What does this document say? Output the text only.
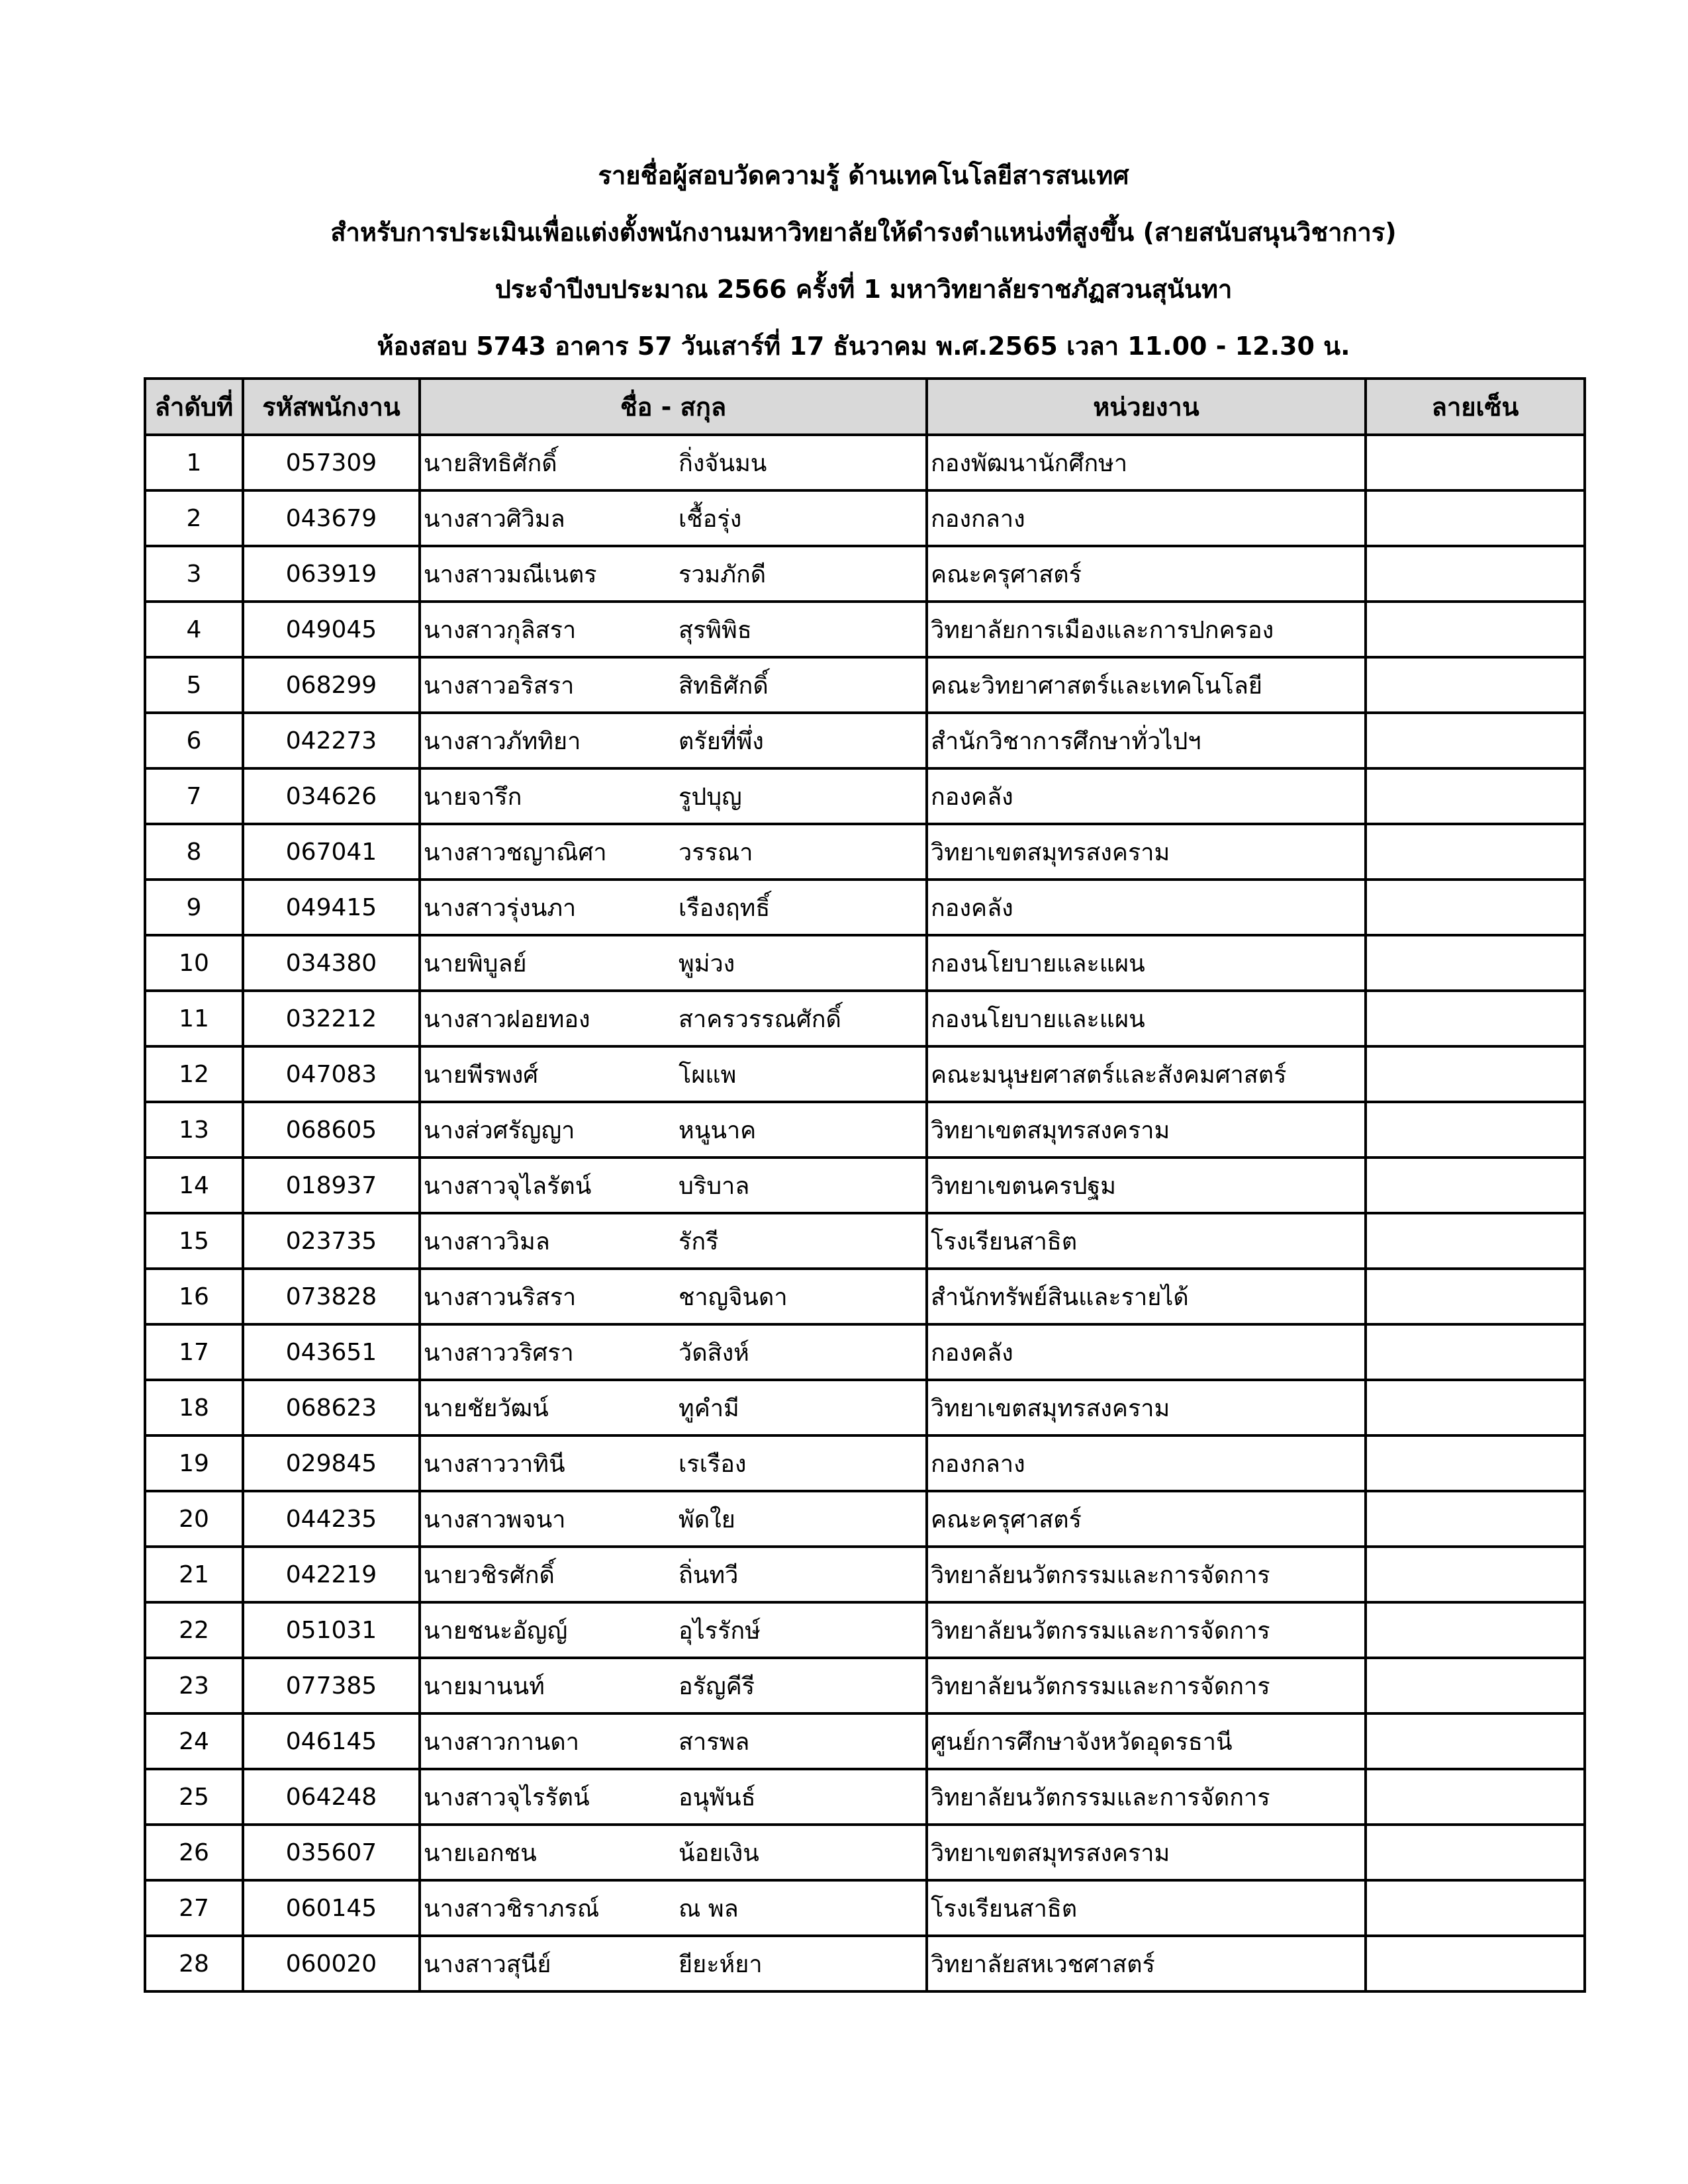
รายชื่อผู้สอบวัดความรู้ ด้านเทคโนโลยีสารสนเทศ
สำหรับการประเมินเพื่อแต่งตั้งพนักงานมหาวิทยาลัยให้ดำรงตำแหน่งที่สูงขึ้น (สายสนับสนุนวิชาการ)
ประจำปีงบประมาณ 2566 ครั้งที่ 1 มหาวิทยาลัยราชภัฏสวนสุนันทา
ห้องสอบ 5743 อาคาร 57 วันเสาร์ที่ 17 ธันวาคม พ.ศ.2565 เวลา 11.00 - 12.30 น.
ลำดับที่	รหัสพนักงาน	ชื่อ - สกุล	หน่วยงาน	ลายเซ็น
1	057309	นายสิทธิศักดิ์ กิ่งจันมน	กองพัฒนานักศึกษา	
2	043679	นางสาวศิวิมล เชื้อรุ่ง	กองกลาง	
3	063919	นางสาวมณีเนตร รวมภักดี	คณะครุศาสตร์	
4	049045	นางสาวกุลิสรา สุรพิพิธ	วิทยาลัยการเมืองและการปกครอง	
5	068299	นางสาวอริสรา สิทธิศักดิ์	คณะวิทยาศาสตร์และเทคโนโลยี	
6	042273	นางสาวภัททิยา ตรัยที่พึ่ง	สำนักวิชาการศึกษาทั่วไปฯ	
7	034626	นายจารึก รูปบุญ	กองคลัง	
8	067041	นางสาวชญาณิศา วรรณา	วิทยาเขตสมุทรสงคราม	
9	049415	นางสาวรุ่งนภา เรืองฤทธิ์	กองคลัง	
10	034380	นายพิบูลย์ พูม่วง	กองนโยบายและแผน	
11	032212	นางสาวฝอยทอง สาครวรรณศักดิ์	กองนโยบายและแผน	
12	047083	นายพีรพงศ์ โผแพ	คณะมนุษยศาสตร์และสังคมศาสตร์	
13	068605	นางส่วศรัญญา หนูนาค	วิทยาเขตสมุทรสงคราม	
14	018937	นางสาวจุไลรัตน์ บริบาล	วิทยาเขตนครปฐม	
15	023735	นางสาววิมล รักรี	โรงเรียนสาธิต	
16	073828	นางสาวนริสรา ชาญจินดา	สำนักทรัพย์สินและรายได้	
17	043651	นางสาววริศรา วัดสิงห์	กองคลัง	
18	068623	นายชัยวัฒน์ ทูคำมี	วิทยาเขตสมุทรสงคราม	
19	029845	นางสาววาทินี เรเรือง	กองกลาง	
20	044235	นางสาวพจนา พัดใย	คณะครุศาสตร์	
21	042219	นายวชิรศักดิ์ ถิ่นทวี	วิทยาลัยนวัตกรรมและการจัดการ	
22	051031	นายชนะอัญญ์ อุไรรักษ์	วิทยาลัยนวัตกรรมและการจัดการ	
23	077385	นายมานนท์ อรัญคีรี	วิทยาลัยนวัตกรรมและการจัดการ	
24	046145	นางสาวกานดา สารพล	ศูนย์การศึกษาจังหวัดอุดรธานี	
25	064248	นางสาวจุไรรัตน์ อนุพันธ์	วิทยาลัยนวัตกรรมและการจัดการ	
26	035607	นายเอกชน น้อยเงิน	วิทยาเขตสมุทรสงคราม	
27	060145	นางสาวชิราภรณ์ ณ พล	โรงเรียนสาธิต	
28	060020	นางสาวสุนีย์ ยียะห์ยา	วิทยาลัยสหเวชศาสตร์	
